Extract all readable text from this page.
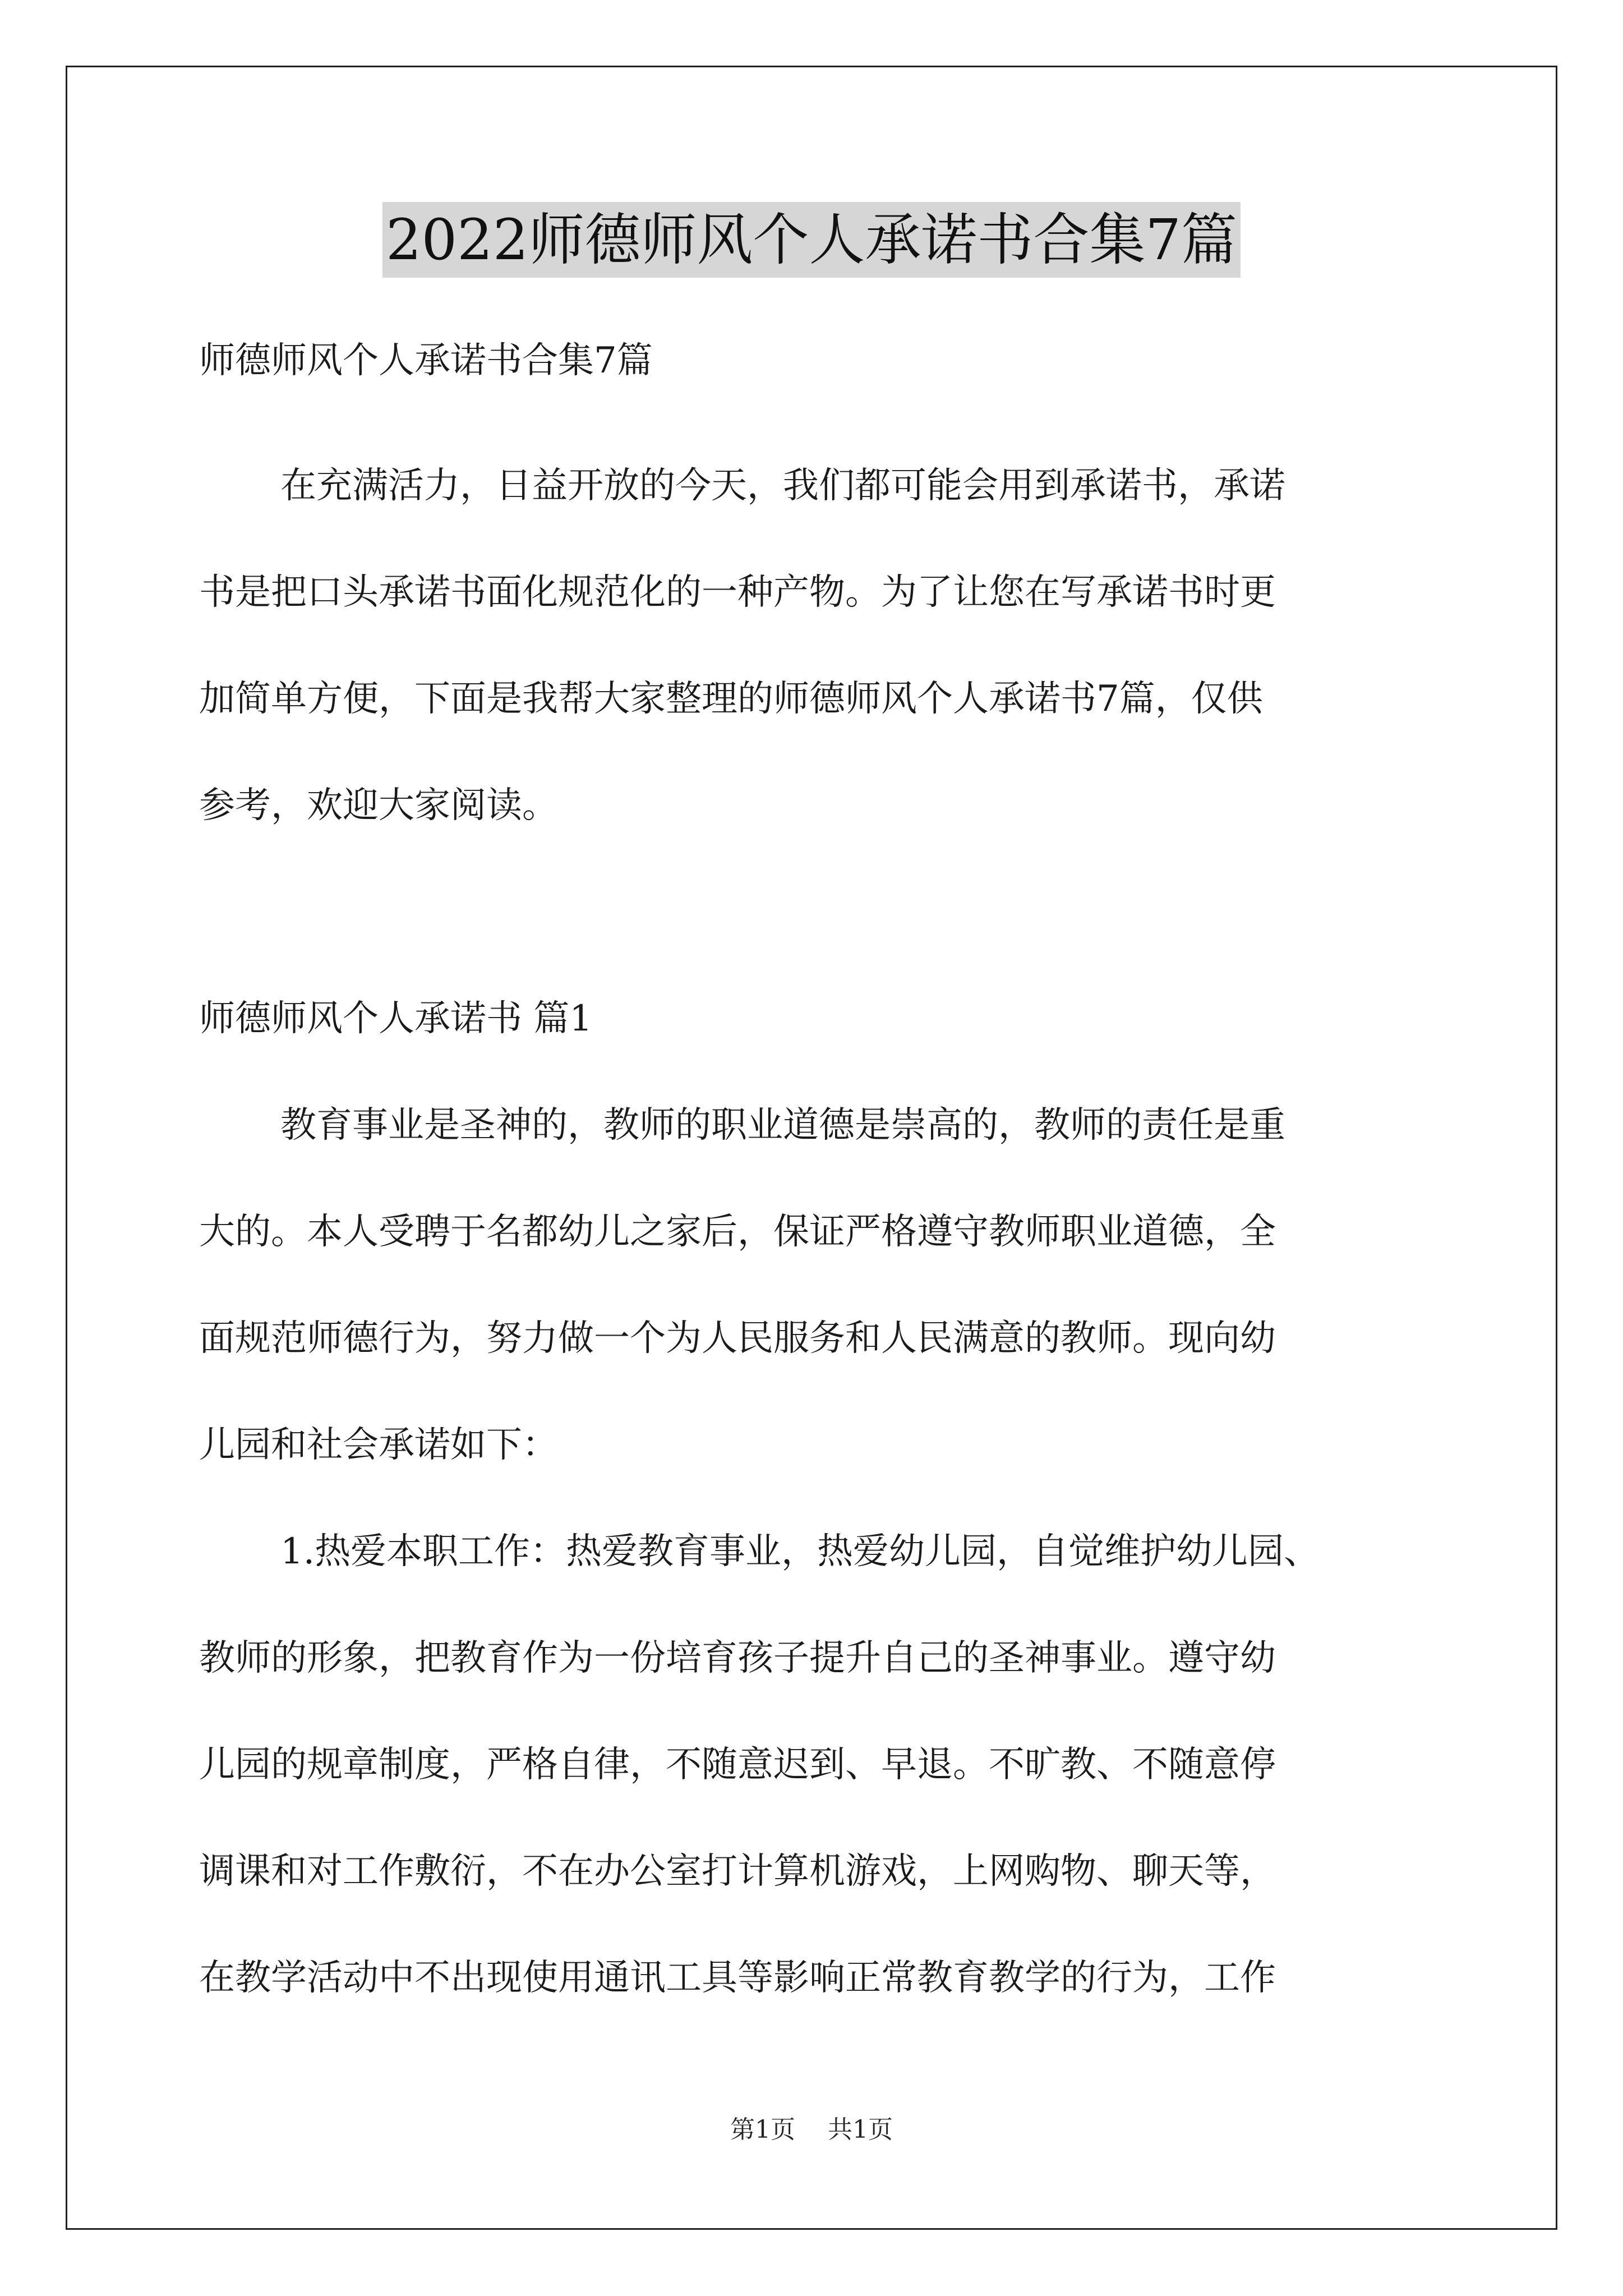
2022师德师风个人承诺书合集7篇
师德师风个人承诺书合集7篇
在充满活力，日益开放的今天，我们都可能会用到承诺书，承诺
书是把口头承诺书面化规范化的一种产物。为了让您在写承诺书时更
加简单方便，下面是我帮大家整理的师德师风个人承诺书7篇，仅供
参考，欢迎大家阅读。
师德师风个人承诺书 篇1
教育事业是圣神的，教师的职业道德是崇高的，教师的责任是重
大的。本人受聘于名都幼儿之家后，保证严格遵守教师职业道德，全
面规范师德行为，努力做一个为人民服务和人民满意的教师。现向幼
儿园和社会承诺如下：
1.热爱本职工作：热爱教育事业，热爱幼儿园，自觉维护幼儿园、
教师的形象，把教育作为一份培育孩子提升自己的圣神事业。遵守幼
儿园的规章制度，严格自律，不随意迟到、早退。不旷教、不随意停
调课和对工作敷衍，不在办公室打计算机游戏，上网购物、聊天等，
在教学活动中不出现使用通讯工具等影响正常教育教学的行为，工作
第1页 共1页
